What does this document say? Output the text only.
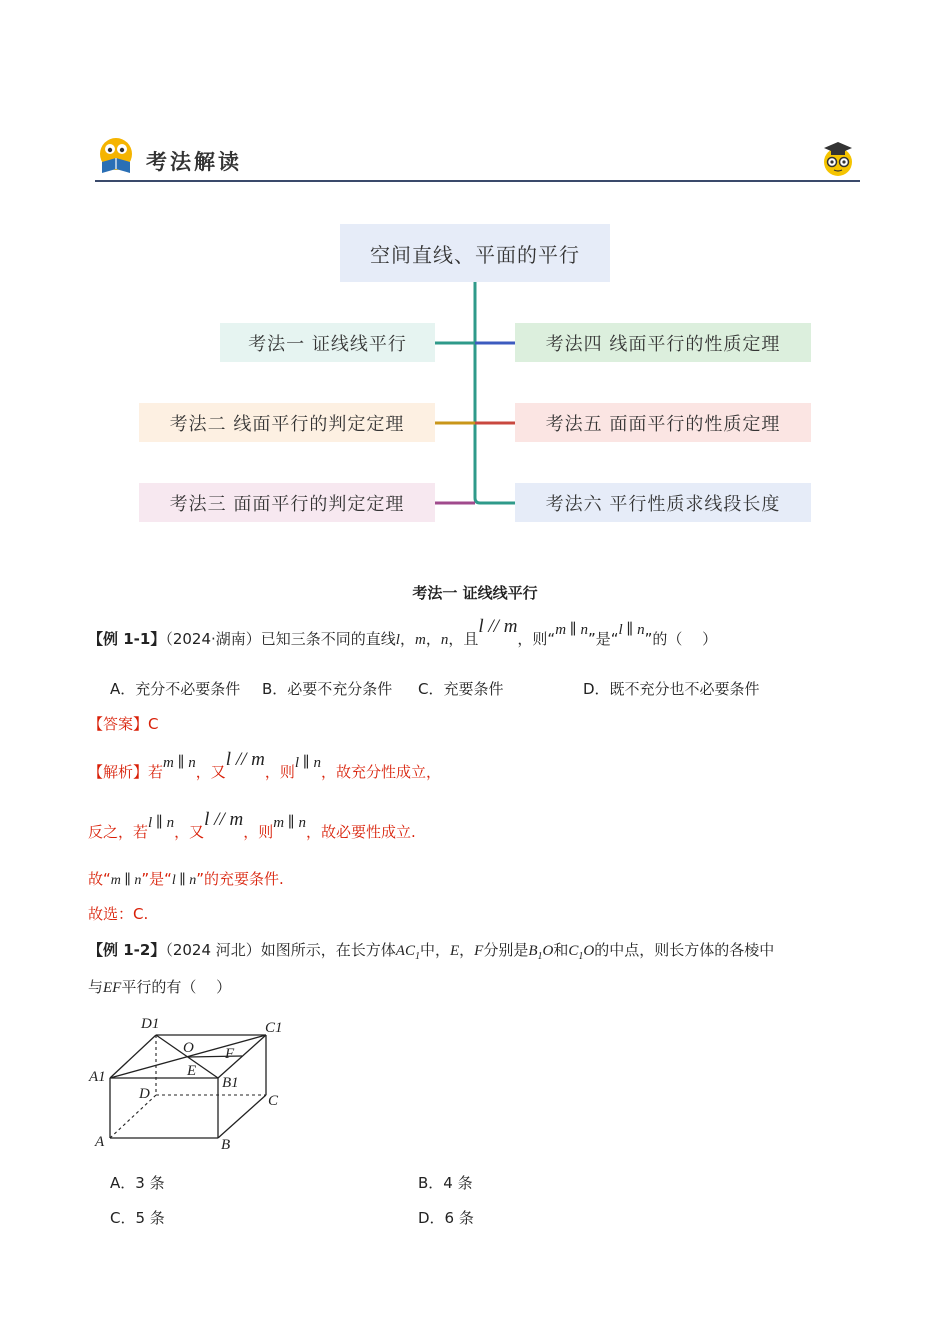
考法解读
空间直线、平面的平行
考法一 证线线平行
考法二 线面平行的判定定理
考法三 面面平行的判定定理
考法四 线面平行的性质定理
考法五 面面平行的性质定理
考法六 平行性质求线段长度
考法一 证线线平行
【例 1-1】（2024·湖南）已知三条不同的直线l，m，n，且l // m，则“m ∥ n”是“l ∥ n”的（　 ）
A．充分不必要条件 B．必要不充分条件 C．充要条件	D．既不充分也不必要条件
【答案】C
【解析】若m ∥ n，又l // m，则l ∥ n，故充分性成立，
反之，若l ∥ n，又l // m，则m ∥ n，故必要性成立.
故“m ∥ n”是“l ∥ n”的充要条件.
故选：C.
【例 1-2】（2024 河北）如图所示，在长方体$AC_1$中，E，F分别是$B_1O$和$C_1O$的中点，则长方体的各棱中
与EF平行的有（　 ）
D1	C1
O F
E
A1	B1
D	C
A	B
A．3 条	B．4 条
C．5 条	D．6 条
